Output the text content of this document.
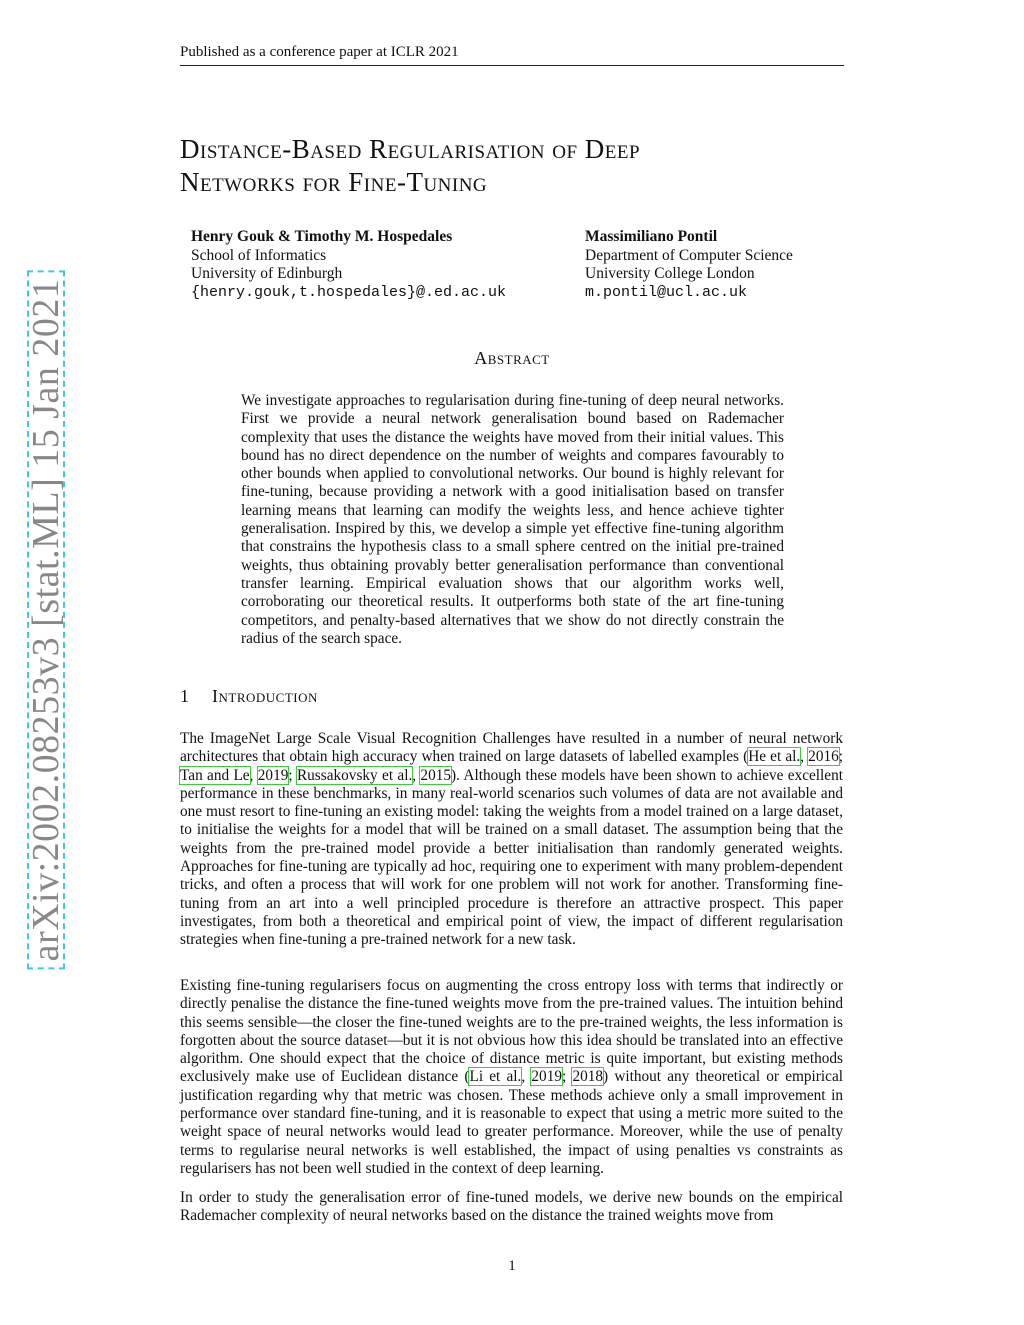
Published as a conference paper at ICLR 2021
Distance-Based Regularisation of Deep
Networks for Fine-Tuning
Henry Gouk & Timothy M. Hospedales
School of Informatics
University of Edinburgh
{henry.gouk,t.hospedales}@.ed.ac.uk
Massimiliano Pontil
Department of Computer Science
University College London
m.pontil@ucl.ac.uk
Abstract
We investigate approaches to regularisation during fine-tuning of deep neural networks. First we provide a neural network generalisation bound based on Rademacher complexity that uses the distance the weights have moved from their initial values. This bound has no direct dependence on the number of weights and compares favourably to other bounds when applied to convolutional networks. Our bound is highly relevant for fine-tuning, because providing a network with a good initialisation based on transfer learning means that learning can modify the weights less, and hence achieve tighter generalisation. Inspired by this, we develop a simple yet effective fine-tuning algorithm that constrains the hypothesis class to a small sphere centred on the initial pre-trained weights, thus obtaining provably better generalisation performance than conventional transfer learning. Empirical evaluation shows that our algorithm works well, corroborating our theoretical results. It outperforms both state of the art fine-tuning competitors, and penalty-based alternatives that we show do not directly constrain the radius of the search space.
1 Introduction
The ImageNet Large Scale Visual Recognition Challenges have resulted in a number of neural network architectures that obtain high accuracy when trained on large datasets of labelled examples (He et al., 2016; Tan and Le, 2019; Russakovsky et al., 2015). Although these models have been shown to achieve excellent performance in these benchmarks, in many real-world scenarios such volumes of data are not available and one must resort to fine-tuning an existing model: taking the weights from a model trained on a large dataset, to initialise the weights for a model that will be trained on a small dataset. The assumption being that the weights from the pre-trained model provide a better initialisation than randomly generated weights. Approaches for fine-tuning are typically ad hoc, requiring one to experiment with many problem-dependent tricks, and often a process that will work for one problem will not work for another. Transforming fine-tuning from an art into a well principled procedure is therefore an attractive prospect. This paper investigates, from both a theoretical and empirical point of view, the impact of different regularisation strategies when fine-tuning a pre-trained network for a new task.
Existing fine-tuning regularisers focus on augmenting the cross entropy loss with terms that indirectly or directly penalise the distance the fine-tuned weights move from the pre-trained values. The intuition behind this seems sensible—the closer the fine-tuned weights are to the pre-trained weights, the less information is forgotten about the source dataset—but it is not obvious how this idea should be translated into an effective algorithm. One should expect that the choice of distance metric is quite important, but existing methods exclusively make use of Euclidean distance (Li et al., 2019; 2018) without any theoretical or empirical justification regarding why that metric was chosen. These methods achieve only a small improvement in performance over standard fine-tuning, and it is reasonable to expect that using a metric more suited to the weight space of neural networks would lead to greater performance. Moreover, while the use of penalty terms to regularise neural networks is well established, the impact of using penalties vs constraints as regularisers has not been well studied in the context of deep learning.
In order to study the generalisation error of fine-tuned models, we derive new bounds on the empirical Rademacher complexity of neural networks based on the distance the trained weights move from
arXiv:2002.08253v3 [stat.ML] 15 Jan 2021
1
